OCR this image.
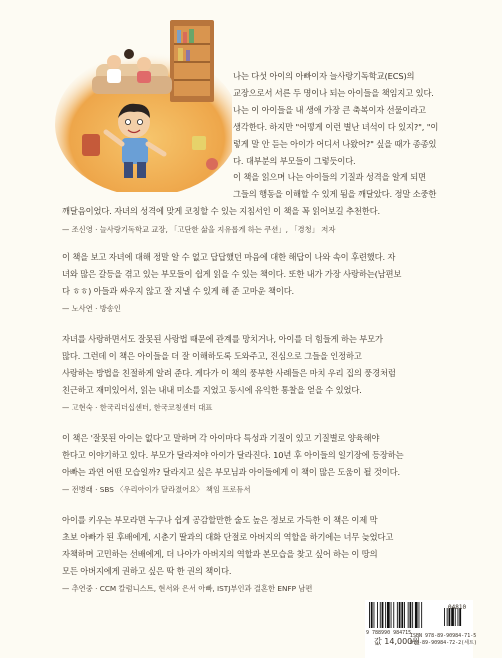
나는 다섯 아이의 아빠이자 늘사랑기독학교(ECS)의

교장으로서 서른 두 명이나 되는 아이들을 책임지고 있다.

나는 이 아이들을 내 생애 가장 큰 축복이자 선물이라고

생각한다. 하지만 "어떻게 이런 별난 녀석이 다 있지?", "이

렇게 말 안 듣는 아이가 어디서 나왔어?" 싶을 때가 종종있

다. 대부분의 부모들이 그렇듯이다.

이 책을 읽으며 나는 아이들의 기질과 성격을 알게 되면

그들의 행동을 이해할 수 있게 됨을 깨달았다. 정말 소중한

깨달음이었다. 자녀의 성격에 맞게 코칭할 수 있는 지침서인 이 책을 꼭 읽어보길 추천한다.

— 조신영 · 늘사랑기독학교 교장, 「고단한 삶을 지유롭게 하는 쿠션」, 「경청」 저자

이 책을 보고 자녀에 대해 정말 알 수 없고 답답했던 마음에 대한 해답이 나와 속이 후련했다. 자

녀와 많은 갈등을 겪고 있는 부모들이 쉽게 읽을 수 있는 책이다. 또한 내가 가장 사랑하는(남편보

다 ㅎㅎ) 아들과 싸우지 않고 잘 지낼 수 있게 해 준 고마운 책이다.

— 노사연 · 방송인

자녀를 사랑하면서도 잘못된 사랑법 때문에 관계를 망치거나, 아이를 더 힘들게 하는 부모가

많다. 그런데 이 책은 아이들을 더 잘 이해하도록 도와주고, 진심으로 그들을 인정하고

사랑하는 방법을 친절하게 알려 준다. 게다가 이 책의 풍부한 사례들은 마치 우리 집의 풍경처럼

친근하고 재미있어서, 읽는 내내 미소를 지었고 동시에 유익한 통찰을 얻을 수 있었다.

— 고현숙 · 한국리더십센터, 한국코칭센터 대표

이 책은 '잘못된 아이는 없다'고 말하며 각 아이마다 특성과 기질이 있고 기질별로 양육해야

한다고 이야기하고 있다. 부모가 달라져야 아이가 달라진다. 10년 후 아이들의 일기장에 등장하는

아빠는 과연 어떤 모습일까? 달라지고 싶은 부모님과 아이들에게 이 책이 많은 도움이 될 것이다.

— 전병래 · SBS 〈우리아이가 달라졌어요〉 책임 프로듀서

아이를 키우는 부모라면 누구나 쉽게 공감할만한 술도 높은 정보로 가득한 이 책은 이제 막

초보 아빠가 된 후배에게, 시춘기 딸과의 대화 단절로 아버지의 역할을 하기에는 너무 늦었다고

자책하며 고민하는 선배에게, 더 나아가 아버지의 역할과 본모습을 찾고 싶어 하는 이 땅의

모든 아버지에게 권하고 싶은 딱 한 권의 책이다.

— 추연중 · CCM 칼럼니스트, 현서와 은서 아빠, ISTJ부인과 결혼한 ENFP 남편

04810
9 788990 984715
ISBN 978-89-90984-71-5
978-89-90984-72-2(세트)
값 14,000원
